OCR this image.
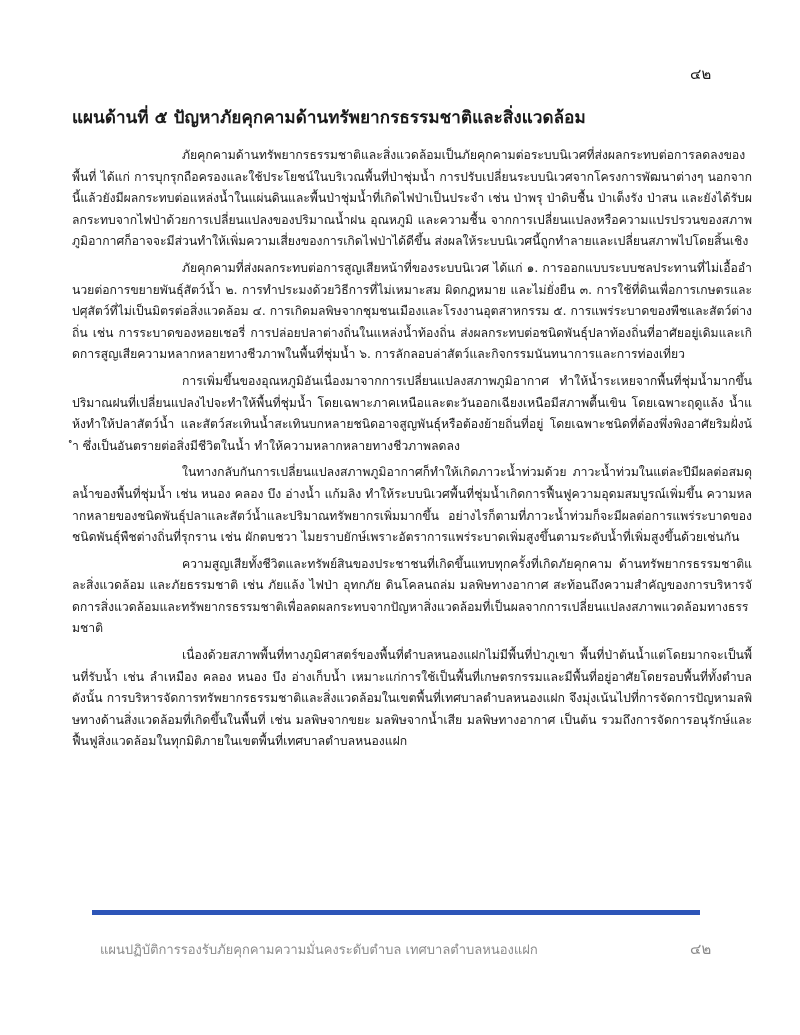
๔๒
แผนด้านที่ ๕ ปัญหาภัยคุกคามด้านทรัพยากรธรรมชาติและสิ่งแวดล้อม

ภัยคุกคามด้านทรัพยากรธรรมชาติและสิ่งแวดล้อมเป็นภัยคุกคามต่อระบบนิเวศที่ส่งผลกระทบต่อการลดลงของพื้นที่ ได้แก่ การบุกรุกถือครองและใช้ประโยชน์ในบริเวณพื้นที่ป่าชุ่มน้ำ การปรับเปลี่ยนระบบนิเวศจากโครงการพัฒนาต่างๆ นอกจากนี้แล้วยังมีผลกระทบต่อแหล่งน้ำในแผ่นดินและพื้นป่าชุ่มน้ำที่เกิดไฟป่าเป็นประจำ เช่น ป่าพรุ ป่าดิบชื้น ป่าเต็งรัง ป่าสน และยังได้รับผลกระทบจากไฟป่าด้วยการเปลี่ยนแปลงของปริมาณน้ำฝน อุณหภูมิ และความชื้น จากการเปลี่ยนแปลงหรือความแปรปรวนของสภาพภูมิอากาศก็อาจจะมีส่วนทำให้เพิ่มความเสี่ยงของการเกิดไฟป่าได้ดีขึ้น ส่งผลให้ระบบนิเวศนี้ถูกทำลายและเปลี่ยนสภาพไปโดยสิ้นเชิง

ภัยคุกคามที่ส่งผลกระทบต่อการสูญเสียหน้าที่ของระบบนิเวศ ได้แก่ ๑. การออกแบบระบบชลประทานที่ไม่เอื้ออำนวยต่อการขยายพันธุ์สัตว์น้ำ ๒. การทำประมงด้วยวิธีการที่ไม่เหมาะสม ผิดกฎหมาย และไม่ยั่งยืน ๓. การใช้ที่ดินเพื่อการเกษตรและปศุสัตว์ที่ไม่เป็นมิตรต่อสิ่งแวดล้อม ๔. การเกิดมลพิษจากชุมชนเมืองและโรงงานอุตสาหกรรม ๕. การแพร่ระบาดของพืชและสัตว์ต่างถิ่น เช่น การระบาดของหอยเชอรี่ การปล่อยปลาต่างถิ่นในแหล่งน้ำท้องถิ่น ส่งผลกระทบต่อชนิดพันธุ์ปลาท้องถิ่นที่อาศัยอยู่เดิมและเกิดการสูญเสียความหลากหลายทางชีวภาพในพื้นที่ชุ่มน้ำ ๖. การลักลอบล่าสัตว์และกิจกรรมนันทนาการและการท่องเที่ยว

การเพิ่มขึ้นของอุณหภูมิอันเนื่องมาจากการเปลี่ยนแปลงสภาพภูมิอากาศ ทำให้น้ำระเหยจากพื้นที่ชุ่มน้ำมากขึ้น ปริมาณฝนที่เปลี่ยนแปลงไปจะทำให้พื้นที่ชุ่มน้ำ โดยเฉพาะภาคเหนือและตะวันออกเฉียงเหนือมีสภาพตื้นเขิน โดยเฉพาะฤดูแล้ง น้ำแห้งทำให้ปลาสัตว์น้ำ และสัตว์สะเทินน้ำสะเทินบกหลายชนิดอาจสูญพันธุ์หรือต้องย้ายถิ่นที่อยู่ โดยเฉพาะชนิดที่ต้องพึ่งพิงอาศัยริมฝั่งน้ำ ซึ่งเป็นอันตรายต่อสิ่งมีชีวิตในน้ำ ทำให้ความหลากหลายทางชีวภาพลดลง

ในทางกลับกันการเปลี่ยนแปลงสภาพภูมิอากาศก็ทำให้เกิดภาวะน้ำท่วมด้วย ภาวะน้ำท่วมในแต่ละปีมีผลต่อสมดุลน้ำของพื้นที่ชุ่มน้ำ เช่น หนอง คลอง บึง อ่างน้ำ แก้มลิง ทำให้ระบบนิเวศพื้นที่ชุ่มน้ำเกิดการฟื้นฟูความอุดมสมบูรณ์เพิ่มขึ้น ความหลากหลายของชนิดพันธุ์ปลาและสัตว์น้ำและปริมาณทรัพยากรเพิ่มมากขึ้น อย่างไรก็ตามที่ภาวะน้ำท่วมก็จะมีผลต่อการแพร่ระบาดของชนิดพันธุ์พืชต่างถิ่นที่รุกราน เช่น ผักตบชวา ไมยราบยักษ์เพราะอัตราการแพร่ระบาดเพิ่มสูงขึ้นตามระดับน้ำที่เพิ่มสูงขึ้นด้วยเช่นกัน

ความสูญเสียทั้งชีวิตและทรัพย์สินของประชาชนที่เกิดขึ้นแทบทุกครั้งที่เกิดภัยคุกคาม ด้านทรัพยากรธรรมชาติและสิ่งแวดล้อม และภัยธรรมชาติ เช่น ภัยแล้ง ไฟป่า อุทกภัย ดินโคลนถล่ม มลพิษทางอากาศ สะท้อนถึงความสำคัญของการบริหารจัดการสิ่งแวดล้อมและทรัพยากรธรรมชาติเพื่อลดผลกระทบจากปัญหาสิ่งแวดล้อมที่เป็นผลจากการเปลี่ยนแปลงสภาพแวดล้อมทางธรรมชาติ

เนื่องด้วยสภาพพื้นที่ทางภูมิศาสตร์ของพื้นที่ตำบลหนองแฝกไม่มีพื้นที่ป่าภูเขา พื้นที่ป่าต้นน้ำแต่โดยมากจะเป็นพื้นที่รับน้ำ เช่น ลำเหมือง คลอง หนอง บึง อ่างเก็บน้ำ เหมาะแก่การใช้เป็นพื้นที่เกษตรกรรมและมีพื้นที่อยู่อาศัยโดยรอบพื้นที่ทั้งตำบล ดังนั้น การบริหารจัดการทรัพยากรธรรมชาติและสิ่งแวดล้อมในเขตพื้นที่เทศบาลตำบลหนองแฝก จึงมุ่งเน้นไปที่การจัดการปัญหามลพิษทางด้านสิ่งแวดล้อมที่เกิดขึ้นในพื้นที่ เช่น มลพิษจากขยะ มลพิษจากน้ำเสีย มลพิษทางอากาศ เป็นต้น รวมถึงการจัดการอนุรักษ์และฟื้นฟูสิ่งแวดล้อมในทุกมิติภายในเขตพื้นที่เทศบาลตำบลหนองแฝก

แผนปฏิบัติการรองรับภัยคุกคามความมั่นคงระดับตำบล เทศบาลตำบลหนองแฝก	๔๒
